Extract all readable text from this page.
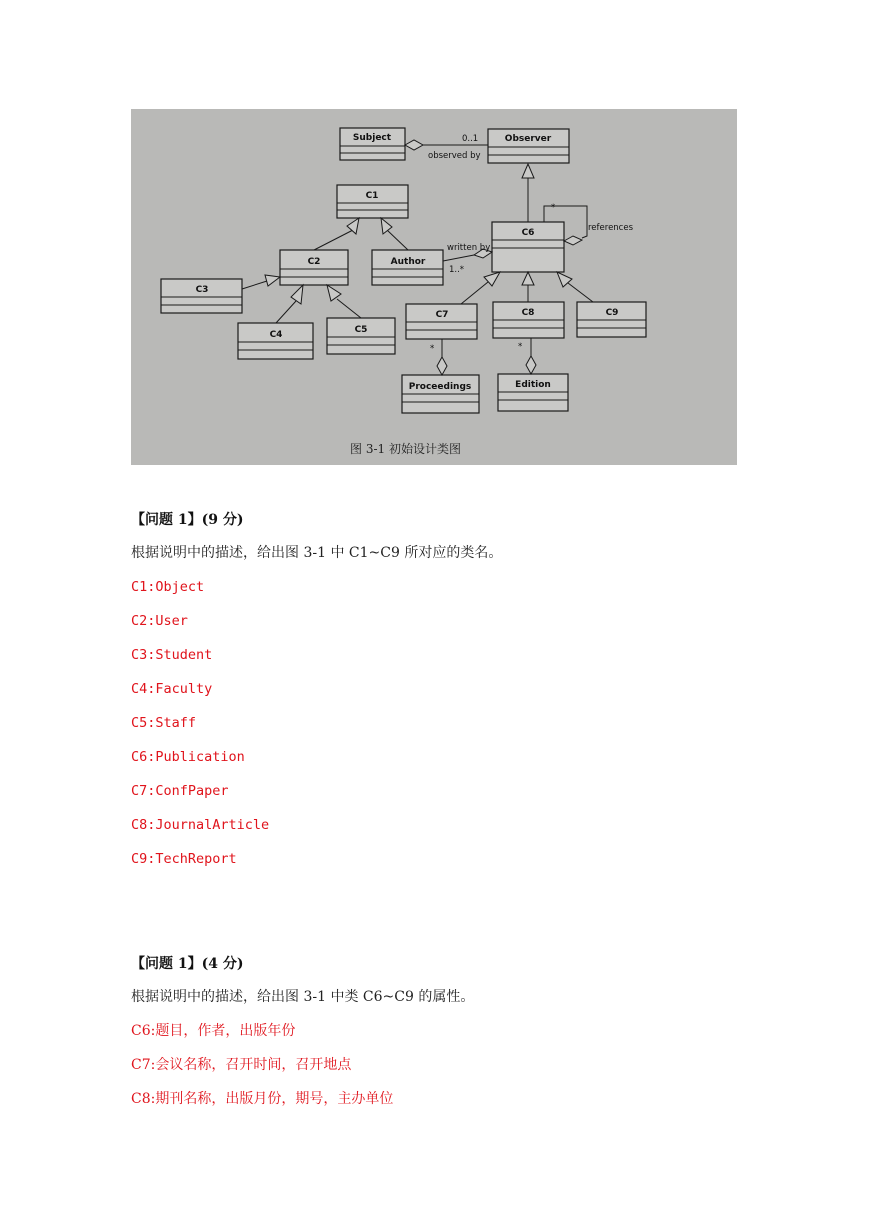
Subject	Observer
0..1
observed by
C1
C2	Author
C3
C4	C5
C6
written by
1..*
*
references
C7	C8	C9
Proceedings	Edition
*	*
图 3-1 初始设计类图
【问题 1】(9 分)
根据说明中的描述，给出图 3-1 中 C1~C9 所对应的类名。
C1:Object
C2:User
C3:Student
C4:Faculty
C5:Staff
C6:Publication
C7:ConfPaper
C8:JournalArticle
C9:TechReport
【问题 1】(4 分)
根据说明中的描述，给出图 3-1 中类 C6~C9 的属性。
C6:题目，作者，出版年份
C7:会议名称，召开时间，召开地点
C8:期刊名称，出版月份，期号，主办单位
